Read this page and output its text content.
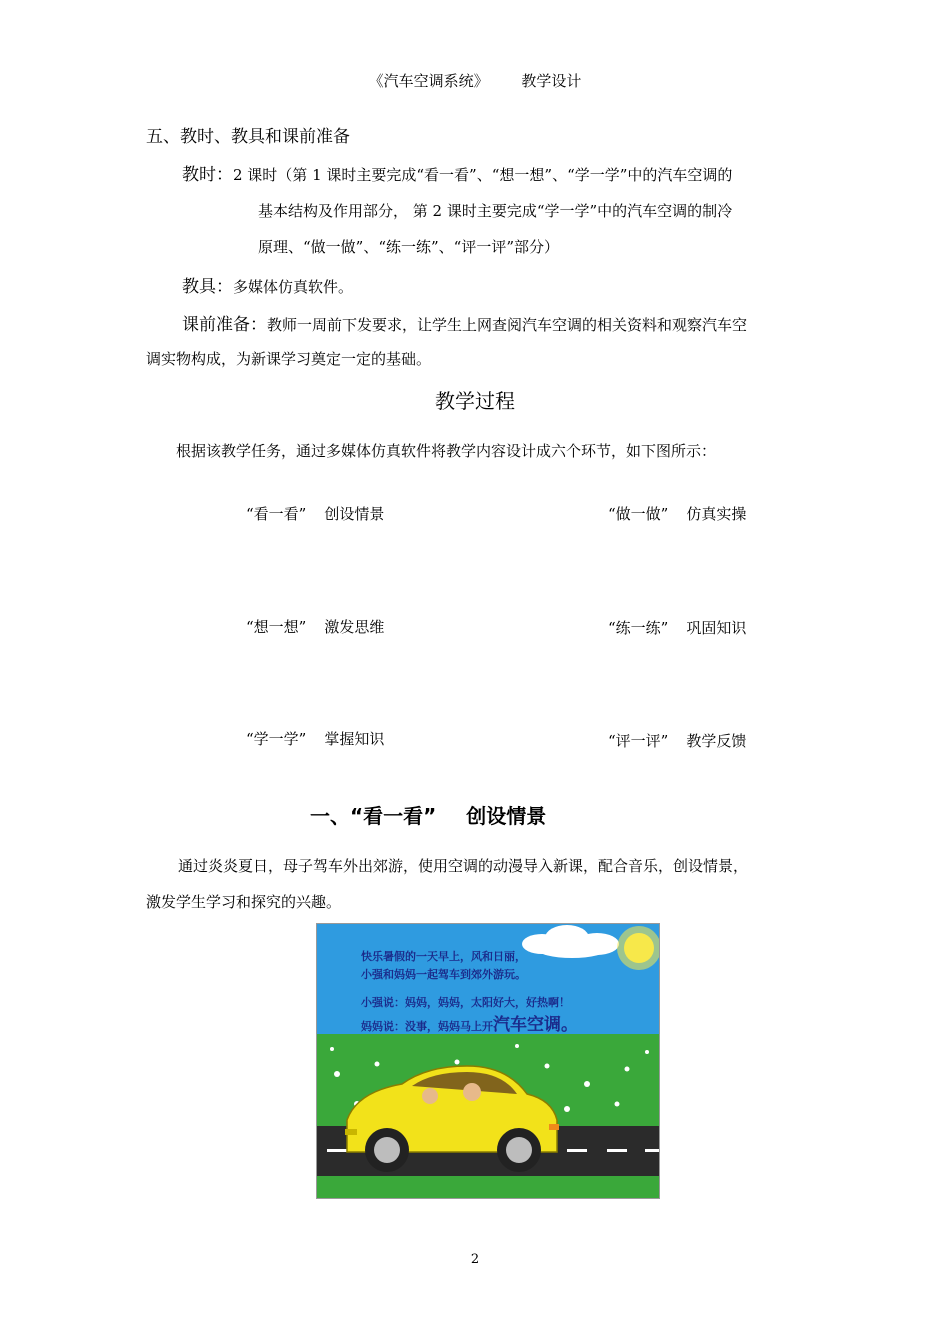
《汽车空调系统》 教学设计
五、教时、教具和课前准备
教时：2 课时（第 1 课时主要完成“看一看”、“想一想”、“学一学”中的汽车空调的
基本结构及作用部分， 第 2 课时主要完成“学一学”中的汽车空调的制冷
原理、“做一做”、“练一练”、“评一评”部分）
教具：多媒体仿真软件。
课前准备：教师一周前下发要求，让学生上网查阅汽车空调的相关资料和观察汽车空
调实物构成，为新课学习奠定一定的基础。
教学过程
根据该教学任务，通过多媒体仿真软件将教学内容设计成六个环节，如下图所示：
“看一看” 创设情景	“做一做” 仿真实操
“想一想” 激发思维	“练一练” 巩固知识
“学一学” 掌握知识	“评一评” 教学反馈
一、“看一看” 创设情景
通过炎炎夏日，母子驾车外出郊游，使用空调的动漫导入新课，配合音乐，创设情景，
激发学生学习和探究的兴趣。
快乐暑假的一天早上，风和日丽，
小强和妈妈一起驾车到郊外游玩。
小强说：妈妈，妈妈，太阳好大，好热啊！
妈妈说：没事，妈妈马上开汽车空调。
2
